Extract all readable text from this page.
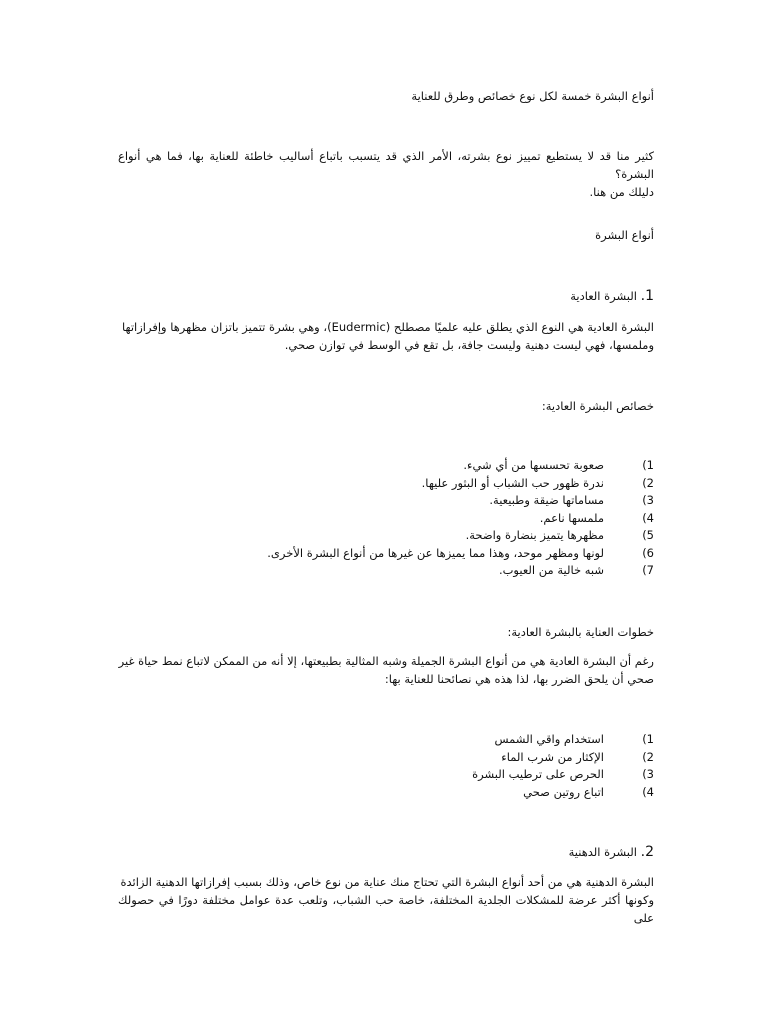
أنواع البشرة خمسة لكل نوع خصائص وطرق للعناية
كثير منا قد لا يستطيع تمييز نوع بشرته، الأمر الذي قد يتسبب باتباع أساليب خاطئة للعناية بها، فما هي أنواع البشرة؟
دليلك من هنا.
أنواع البشرة
1. البشرة العادية
البشرة العادية هي النوع الذي يطلق عليه علميًا مصطلح (Eudermic)، وهي بشرة تتميز باتزان مظهرها وإفرازاتها
وملمسها، فهي ليست دهنية وليست جافة، بل تقع في الوسط في توازن صحي.
خصائص البشرة العادية:
(1
صعوبة تحسسها من أي شيء.
(2
ندرة ظهور حب الشباب أو البثور عليها.
(3
مساماتها ضيقة وطبيعية.
(4
ملمسها ناعم.
(5
مظهرها يتميز بنضارة واضحة.
(6
لونها ومظهر موحد، وهذا مما يميزها عن غيرها من أنواع البشرة الأخرى.
(7
شبه خالية من العيوب.
خطوات العناية بالبشرة العادية:
رغم أن البشرة العادية هي من أنواع البشرة الجميلة وشبه المثالية بطبيعتها، إلا أنه من الممكن لاتباع نمط حياة غير
صحي أن يلحق الضرر بها، لذا هذه هي نصائحنا للعناية بها:
(1
استخدام واقي الشمس
(2
الإكثار من شرب الماء
(3
الحرص على ترطيب البشرة
(4
اتباع روتين صحي
2. البشرة الدهنية
البشرة الدهنية هي من أحد أنواع البشرة التي تحتاج منك عناية من نوع خاص، وذلك بسبب إفرازاتها الدهنية الزائدة
وكونها أكثر عرضة للمشكلات الجلدية المختلفة، خاصة حب الشباب، وتلعب عدة عوامل مختلفة دورًا في حصولك على
